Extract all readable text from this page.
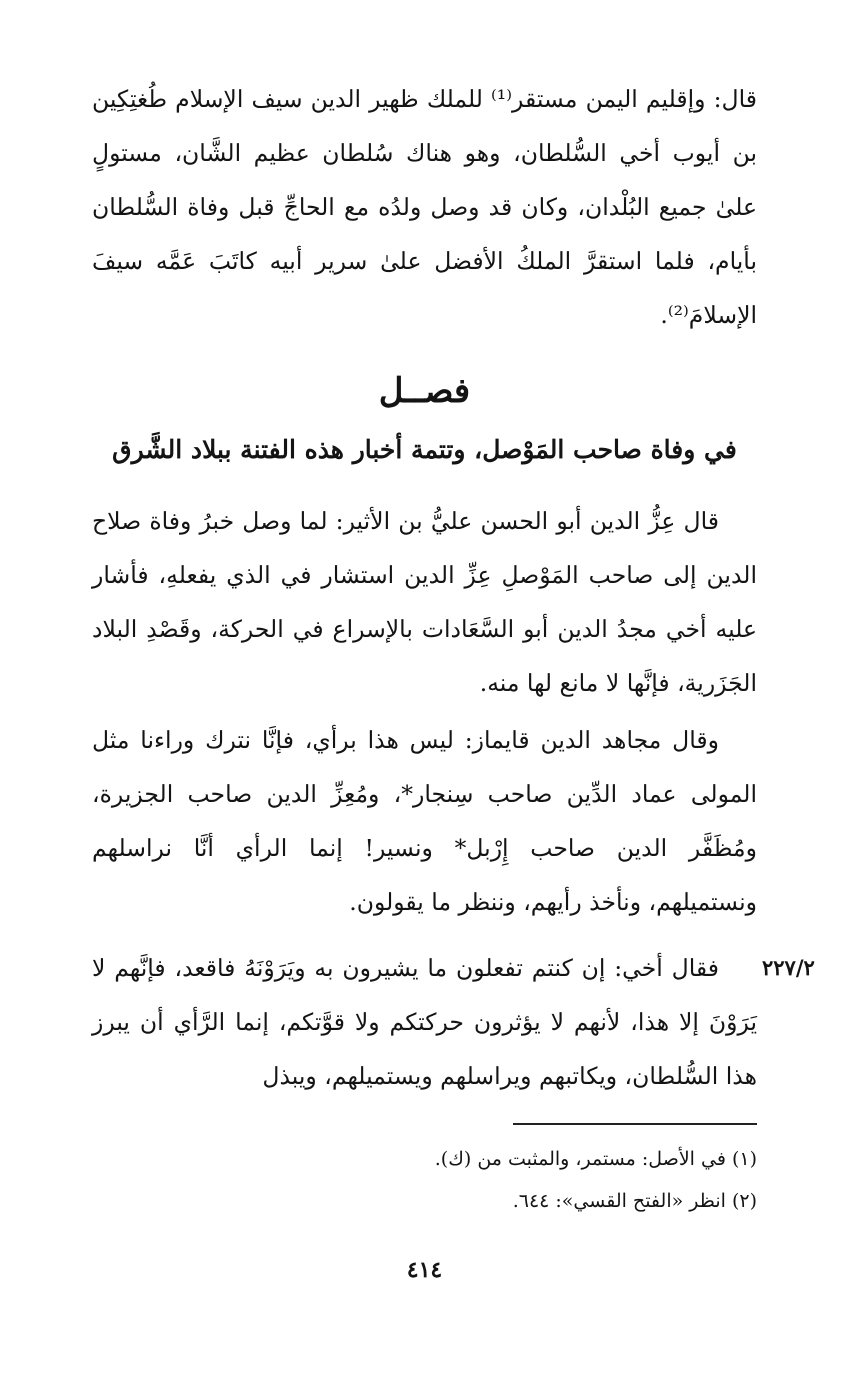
قال: وإقليم اليمن مستقر⁽¹⁾ للملك ظهير الدين سيف الإسلام طُغتِكِين بن أيوب أخي السُّلطان، وهو هناك سُلطان عظيم الشَّان، مستولٍ علىٰ جميع البُلْدان، وكان قد وصل ولدُه مع الحاجِّ قبل وفاة السُّلطان بأيام، فلما استقرَّ الملكُ الأفضل علىٰ سرير أبيه كاتَبَ عَمَّه سيفَ الإسلامَ⁽²⁾.

فصــل
في وفاة صاحب المَوْصل، وتتمة أخبار هذه الفتنة ببلاد الشَّرق

قال عِزُّ الدين أبو الحسن عليُّ بن الأثير: لما وصل خبرُ وفاة صلاح الدين إلى صاحب المَوْصلِ عِزِّ الدين استشار في الذي يفعلهِ، فأشار عليه أخي مجدُ الدين أبو السَّعَادات بالإسراع في الحركة، وقَصْدِ البلاد الجَزَرية، فإنَّها لا مانع لها منه.

وقال مجاهد الدين قايماز: ليس هذا برأي، فإنَّا نترك وراءنا مثل المولى عماد الدِّين صاحب سِنجار*، ومُعِزِّ الدين صاحب الجزيرة، ومُظَفَّر الدين صاحب إِرْبل* ونسير! إنما الرأي أنَّا نراسلهم ونستميلهم، ونأخذ رأيهم، وننظر ما يقولون.

٢٢٧/٢

فقال أخي: إن كنتم تفعلون ما يشيرون به ويَرَوْنَهُ فاقعد، فإنَّهم لا يَرَوْنَ إلا هذا، لأنهم لا يؤثرون حركتكم ولا قوَّتكم، إنما الرَّأي أن يبرز هذا السُّلطان، ويكاتبهم ويراسلهم ويستميلهم، ويبذل

(١) في الأصل: مستمر، والمثبت من (ك).
(٢) انظر «الفتح القسي»: ٦٤٤.
٤١٤
